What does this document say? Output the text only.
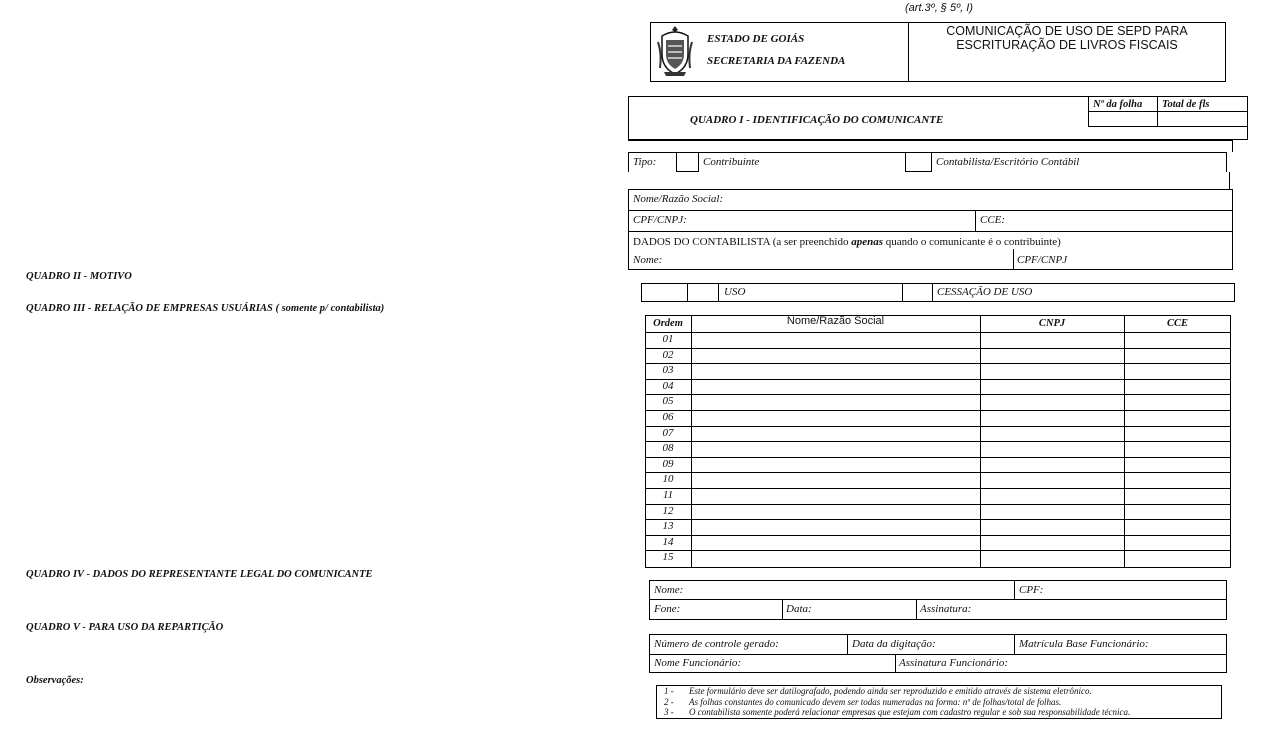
(art.3º, § 5º, I)
ESTADO DE GOIÁS
SECRETARIA DA FAZENDA
COMUNICAÇÃO DE USO DE SEPD PARA
ESCRITURAÇÃO DE LIVROS FISCAIS
QUADRO I - IDENTIFICAÇÃO DO COMUNICANTE
Nº da folha Total de fls
Tipo:	Contribuinte	Contabilista/Escritório Contábil
Nome/Razão Social:
CPF/CNPJ:	CCE:
DADOS DO CONTABILISTA (a ser preenchido apenas quando o comunicante é o contribuinte)
Nome:	CPF/CNPJ
USO	CESSAÇÃO DE USO
QUADRO II - MOTIVO
QUADRO III - RELAÇÃO DE EMPRESAS USUÁRIAS ( somente p/ contabilista)
QUADRO IV - DADOS DO REPRESENTANTE LEGAL DO COMUNICANTE
QUADRO V - PARA USO DA REPARTIÇÃO
Observações:
Ordem	Nome/Razão Social	CNPJ	CCE
01
02
03
04
05
06
07
08
09
10
11
12
13
14
15
Nome:	CPF:
Fone:	Data:	Assinatura:
Número de controle gerado:	Data da digitação:	Matrícula Base Funcionário:
Nome Funcionário:	Assinatura Funcionário:
1 - Este formulário deve ser datilografado, podendo ainda ser reproduzido e emitido através de sistema eletrônico.
2 - As folhas constantes do comunicado devem ser todas numeradas na forma: nº de folhas/total de folhas.
3 - O contabilista somente poderá relacionar empresas que estejam com cadastro regular e sob sua responsabilidade técnica.
